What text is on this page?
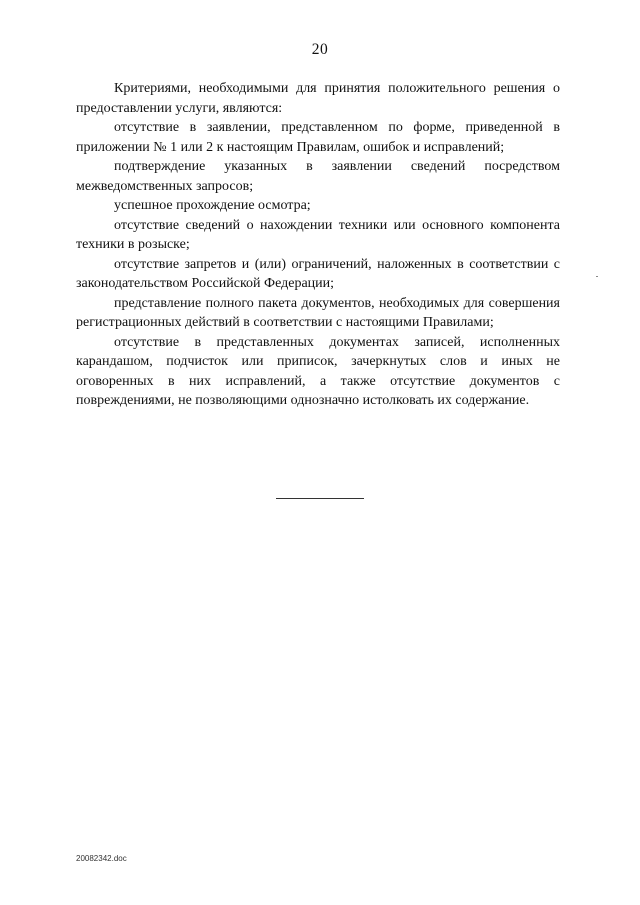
20

Критериями, необходимыми для принятия положительного решения о предоставлении услуги, являются:

отсутствие в заявлении, представленном по форме, приведенной в приложении № 1 или 2 к настоящим Правилам, ошибок и исправлений;

подтверждение указанных в заявлении сведений посредством межведомственных запросов;

успешное прохождение осмотра;

отсутствие сведений о нахождении техники или основного компонента техники в розыске;

отсутствие запретов и (или) ограничений, наложенных в соответствии с законодательством Российской Федерации;

представление полного пакета документов, необходимых для совершения регистрационных действий в соответствии с настоящими Правилами;

отсутствие в представленных документах записей, исполненных карандашом, подчисток или приписок, зачеркнутых слов и иных не оговоренных в них исправлений, а также отсутствие документов с повреждениями, не позволяющими однозначно истолковать их содержание.

20082342.doc
